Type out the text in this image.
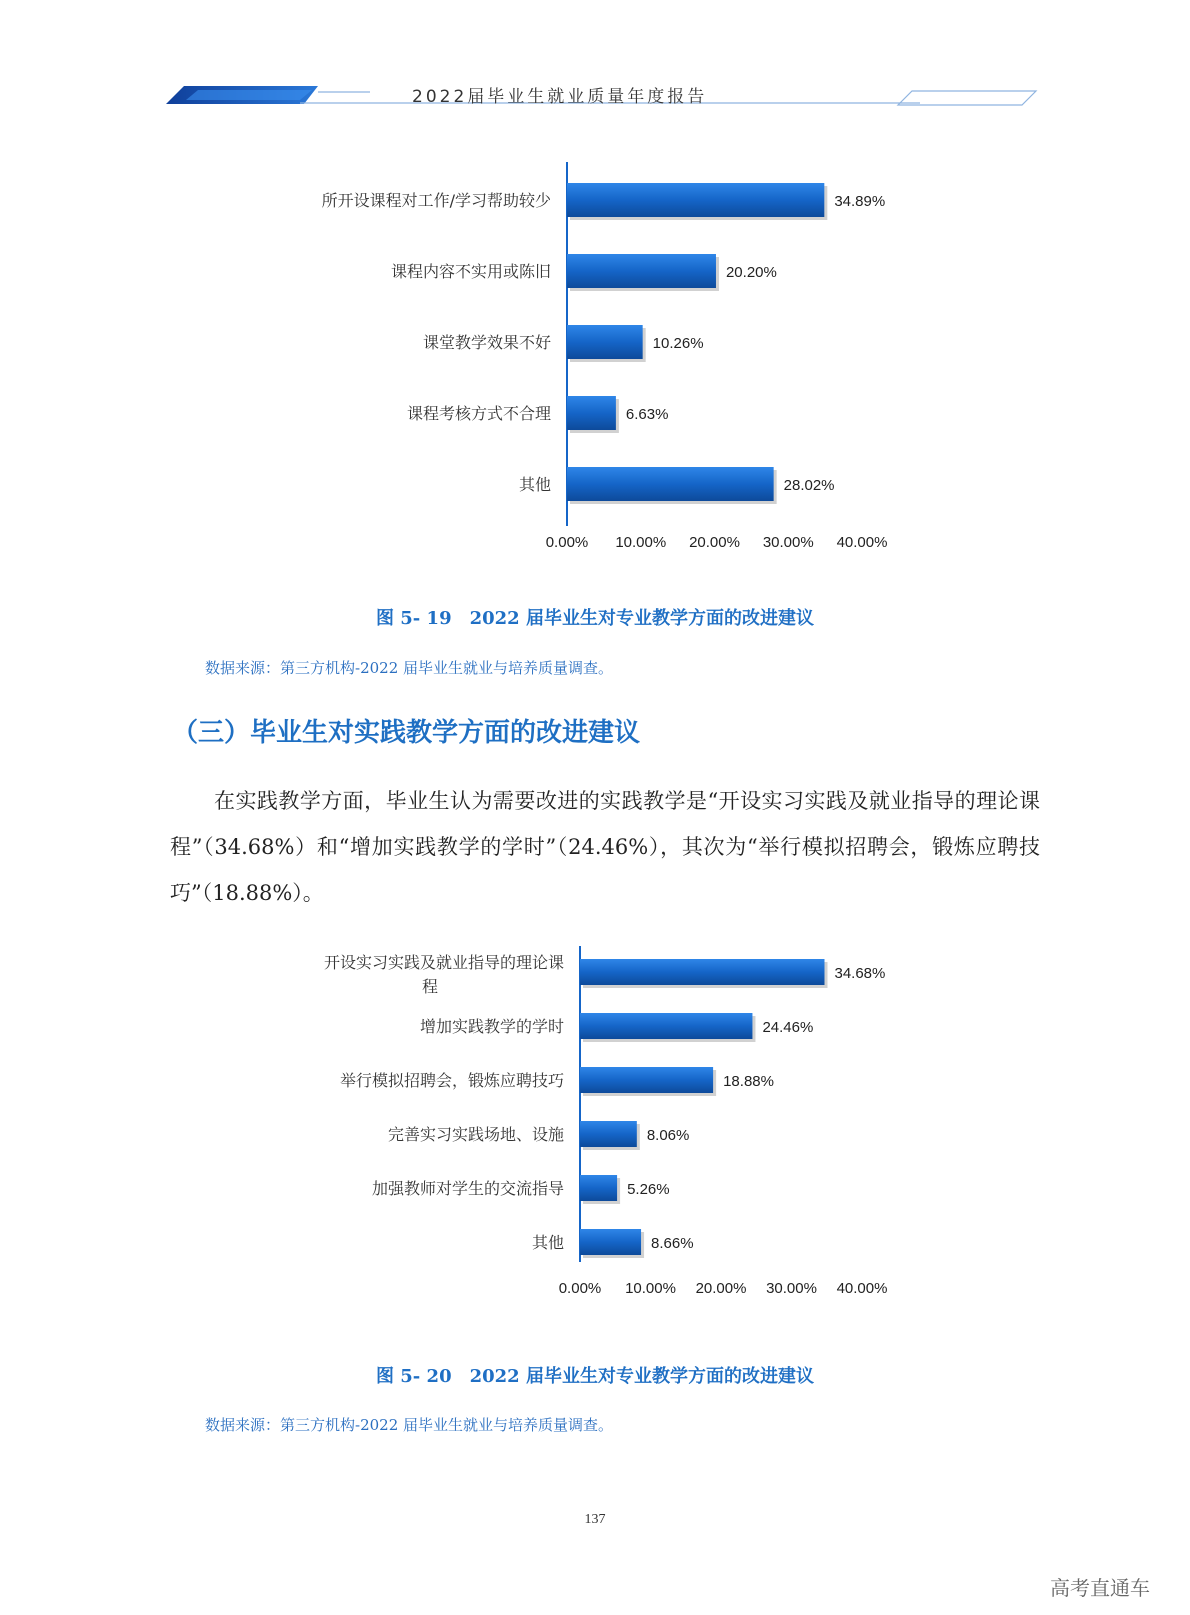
2022届毕业生就业质量年度报告
34.89%
所开设课程对工作/学习帮助较少
20.20%
课程内容不实用或陈旧
10.26%
课堂教学效果不好
6.63%
课程考核方式不合理
28.02%
其他
0.00% 10.00% 20.00% 30.00% 40.00%
图 5- 19　2022 届毕业生对专业教学方面的改进建议
数据来源：第三方机构-2022 届毕业生就业与培养质量调查。
（三）毕业生对实践教学方面的改进建议
在实践教学方面，毕业生认为需要改进的实践教学是“开设实习实践及就业指导的理论课程”（34.68%）和“增加实践教学的学时”（24.46%），其次为“举行模拟招聘会，锻炼应聘技巧”（18.88%）。
34.68%
开设实习实践及就业指导的理论课
程
24.46%
增加实践教学的学时
18.88%
举行模拟招聘会，锻炼应聘技巧
8.06%
完善实习实践场地、设施
5.26%
加强教师对学生的交流指导
8.66%
其他
0.00% 10.00% 20.00% 30.00% 40.00%
图 5- 20　2022 届毕业生对专业教学方面的改进建议
数据来源：第三方机构-2022 届毕业生就业与培养质量调查。
137
高考直通车
